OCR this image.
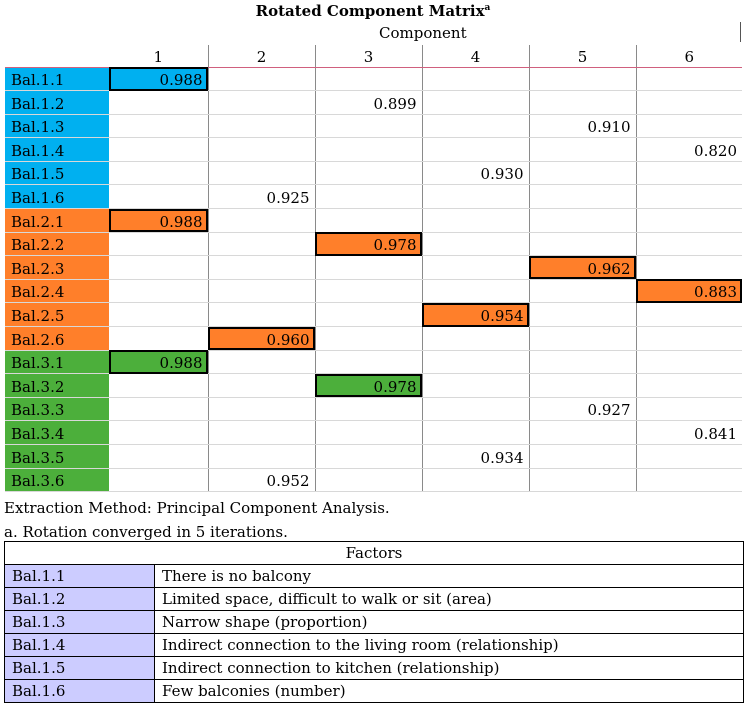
Rotated Component Matrix$^a$
Component
	1	2	3	4	5	6
Bal.1.1	0.988					
Bal.1.2			0.899			
Bal.1.3					0.910	
Bal.1.4						0.820
Bal.1.5				0.930		
Bal.1.6		0.925				
Bal.2.1	0.988					
Bal.2.2			0.978			
Bal.2.3					0.962	
Bal.2.4						0.883
Bal.2.5				0.954		
Bal.2.6		0.960				
Bal.3.1	0.988					
Bal.3.2			0.978			
Bal.3.3					0.927	
Bal.3.4						0.841
Bal.3.5				0.934		
Bal.3.6		0.952				
Extraction Method: Principal Component Analysis.
a. Rotation converged in 5 iterations.
Factors	
Bal.1.1	There is no balcony
Bal.1.2	Limited space, difficult to walk or sit (area)
Bal.1.3	Narrow shape (proportion)
Bal.1.4	Indirect connection to the living room (relationship)
Bal.1.5	Indirect connection to kitchen (relationship)
Bal.1.6	Few balconies (number)
